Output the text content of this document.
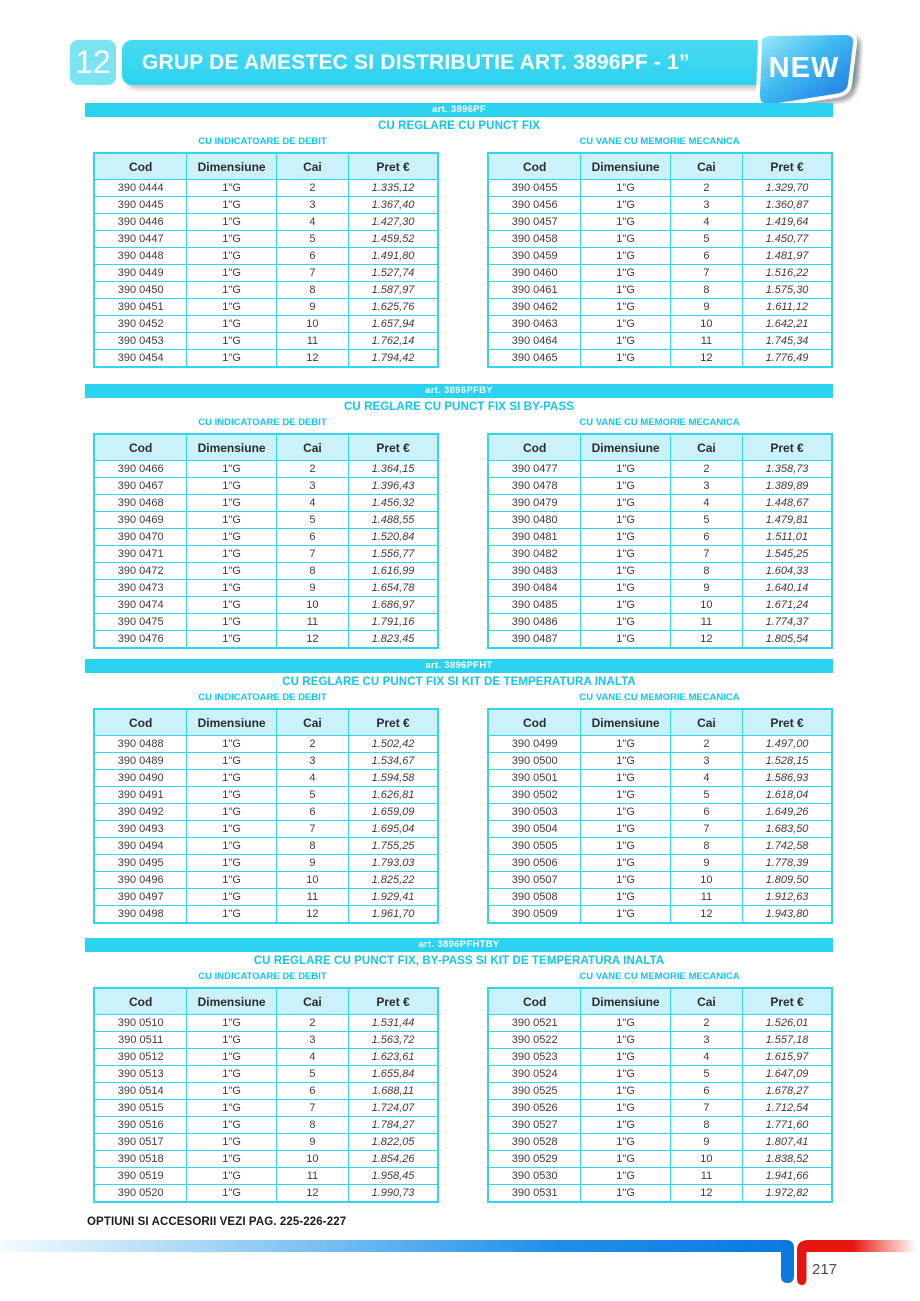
12 GRUP DE AMESTEC SI DISTRIBUTIE ART. 3896PF - 1”	NEW
art. 3896PF
CU REGLARE CU PUNCT FIX
CU INDICATOARE DE DEBIT	CU VANE CU MEMORIE MECANICA
Cod	Dimensiune	Cai	Pret €
390 0444	1"G	2	1.335,12
390 0445	1"G	3	1.367,40
390 0446	1"G	4	1.427,30
390 0447	1"G	5	1.459,52
390 0448	1"G	6	1.491,80
390 0449	1"G	7	1.527,74
390 0450	1"G	8	1.587,97
390 0451	1"G	9	1.625,76
390 0452	1"G	10	1.657,94
390 0453	1"G	11	1.762,14
390 0454	1"G	12	1.794,42
Cod	Dimensiune	Cai	Pret €
390 0455	1"G	2	1.329,70
390 0456	1"G	3	1.360,87
390 0457	1"G	4	1.419,64
390 0458	1"G	5	1.450,77
390 0459	1"G	6	1.481,97
390 0460	1"G	7	1.516,22
390 0461	1"G	8	1.575,30
390 0462	1"G	9	1.611,12
390 0463	1"G	10	1.642,21
390 0464	1"G	11	1.745,34
390 0465	1"G	12	1.776,49
art. 3896PFBY
CU REGLARE CU PUNCT FIX SI BY-PASS
CU INDICATOARE DE DEBIT	CU VANE CU MEMORIE MECANICA
Cod	Dimensiune	Cai	Pret €
390 0466	1"G	2	1.364,15
390 0467	1"G	3	1.396,43
390 0468	1"G	4	1.456,32
390 0469	1"G	5	1.488,55
390 0470	1"G	6	1.520,84
390 0471	1"G	7	1.556,77
390 0472	1"G	8	1.616,99
390 0473	1"G	9	1.654,78
390 0474	1"G	10	1.686,97
390 0475	1"G	11	1.791,16
390 0476	1"G	12	1.823,45
Cod	Dimensiune	Cai	Pret €
390 0477	1"G	2	1.358,73
390 0478	1"G	3	1.389,89
390 0479	1"G	4	1.448,67
390 0480	1"G	5	1.479,81
390 0481	1"G	6	1.511,01
390 0482	1"G	7	1.545,25
390 0483	1"G	8	1.604,33
390 0484	1"G	9	1.640,14
390 0485	1"G	10	1.671,24
390 0486	1"G	11	1.774,37
390 0487	1"G	12	1.805,54
art. 3896PFHT
CU REGLARE CU PUNCT FIX SI KIT DE TEMPERATURA INALTA
CU INDICATOARE DE DEBIT	CU VANE CU MEMORIE MECANICA
Cod	Dimensiune	Cai	Pret €
390 0488	1"G	2	1.502,42
390 0489	1"G	3	1.534,67
390 0490	1"G	4	1.594,58
390 0491	1"G	5	1.626,81
390 0492	1"G	6	1.659,09
390 0493	1"G	7	1.695,04
390 0494	1"G	8	1.755,25
390 0495	1"G	9	1.793,03
390 0496	1"G	10	1.825,22
390 0497	1"G	11	1.929,41
390 0498	1"G	12	1.961,70
Cod	Dimensiune	Cai	Pret €
390 0499	1"G	2	1.497,00
390 0500	1"G	3	1.528,15
390 0501	1"G	4	1.586,93
390 0502	1"G	5	1.618,04
390 0503	1"G	6	1.649,26
390 0504	1"G	7	1.683,50
390 0505	1"G	8	1.742,58
390 0506	1"G	9	1.778,39
390 0507	1"G	10	1.809,50
390 0508	1"G	11	1.912,63
390 0509	1"G	12	1.943,80
art. 3896PFHTBY
CU REGLARE CU PUNCT FIX, BY-PASS SI KIT DE TEMPERATURA INALTA
CU INDICATOARE DE DEBIT	CU VANE CU MEMORIE MECANICA
Cod	Dimensiune	Cai	Pret €
390 0510	1"G	2	1.531,44
390 0511	1"G	3	1.563,72
390 0512	1"G	4	1.623,61
390 0513	1"G	5	1.655,84
390 0514	1"G	6	1.688,11
390 0515	1"G	7	1.724,07
390 0516	1"G	8	1.784,27
390 0517	1"G	9	1.822,05
390 0518	1"G	10	1.854,26
390 0519	1"G	11	1.958,45
390 0520	1"G	12	1.990,73
Cod	Dimensiune	Cai	Pret €
390 0521	1"G	2	1.526,01
390 0522	1"G	3	1.557,18
390 0523	1"G	4	1.615,97
390 0524	1"G	5	1.647,09
390 0525	1"G	6	1.678,27
390 0526	1"G	7	1.712,54
390 0527	1"G	8	1.771,60
390 0528	1"G	9	1.807,41
390 0529	1"G	10	1.838,52
390 0530	1"G	11	1.941,66
390 0531	1"G	12	1.972,82
OPTIUNI SI ACCESORII VEZI PAG. 225-226-227
217
